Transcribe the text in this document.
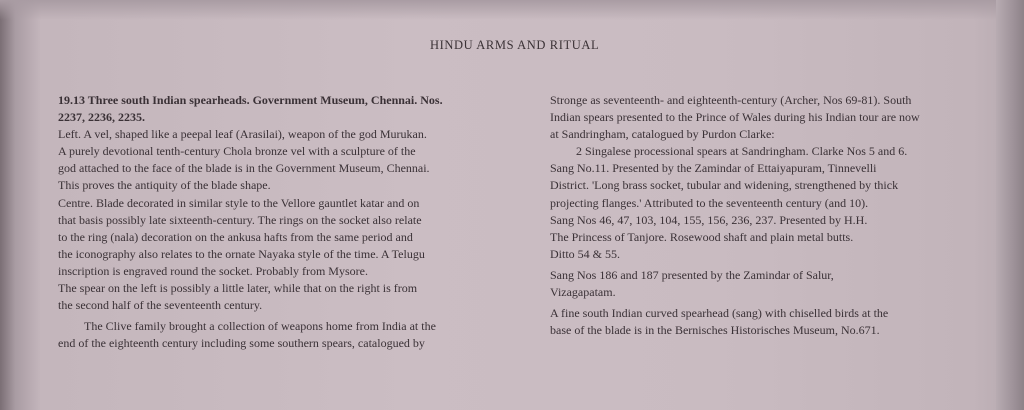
HINDU ARMS AND RITUAL
19.13 Three south Indian spearheads. Government Museum, Chennai. Nos.
2237, 2236, 2235.
Left. A vel, shaped like a peepal leaf (Arasilai), weapon of the god Murukan.
A purely devotional tenth-century Chola bronze vel with a sculpture of the
god attached to the face of the blade is in the Government Museum, Chennai.
This proves the antiquity of the blade shape.
Centre. Blade decorated in similar style to the Vellore gauntlet katar and on
that basis possibly late sixteenth-century. The rings on the socket also relate
to the ring (nala) decoration on the ankusa hafts from the same period and
the iconography also relates to the ornate Nayaka style of the time. A Telugu
inscription is engraved round the socket. Probably from Mysore.
The spear on the left is possibly a little later, while that on the right is from
the second half of the seventeenth century.
The Clive family brought a collection of weapons home from India at the
end of the eighteenth century including some southern spears, catalogued by
Stronge as seventeenth- and eighteenth-century (Archer, Nos 69-81). South
Indian spears presented to the Prince of Wales during his Indian tour are now
at Sandringham, catalogued by Purdon Clarke:
2 Singalese processional spears at Sandringham. Clarke Nos 5 and 6.
Sang No.11. Presented by the Zamindar of Ettaiyapuram, Tinnevelli
District. 'Long brass socket, tubular and widening, strengthened by thick
projecting flanges.' Attributed to the seventeenth century (and 10).
Sang Nos 46, 47, 103, 104, 155, 156, 236, 237. Presented by H.H.
The Princess of Tanjore. Rosewood shaft and plain metal butts.
Ditto 54 & 55.
Sang Nos 186 and 187 presented by the Zamindar of Salur,
Vizagapatam.
A fine south Indian curved spearhead (sang) with chiselled birds at the
base of the blade is in the Bernisches Historisches Museum, No.671.
